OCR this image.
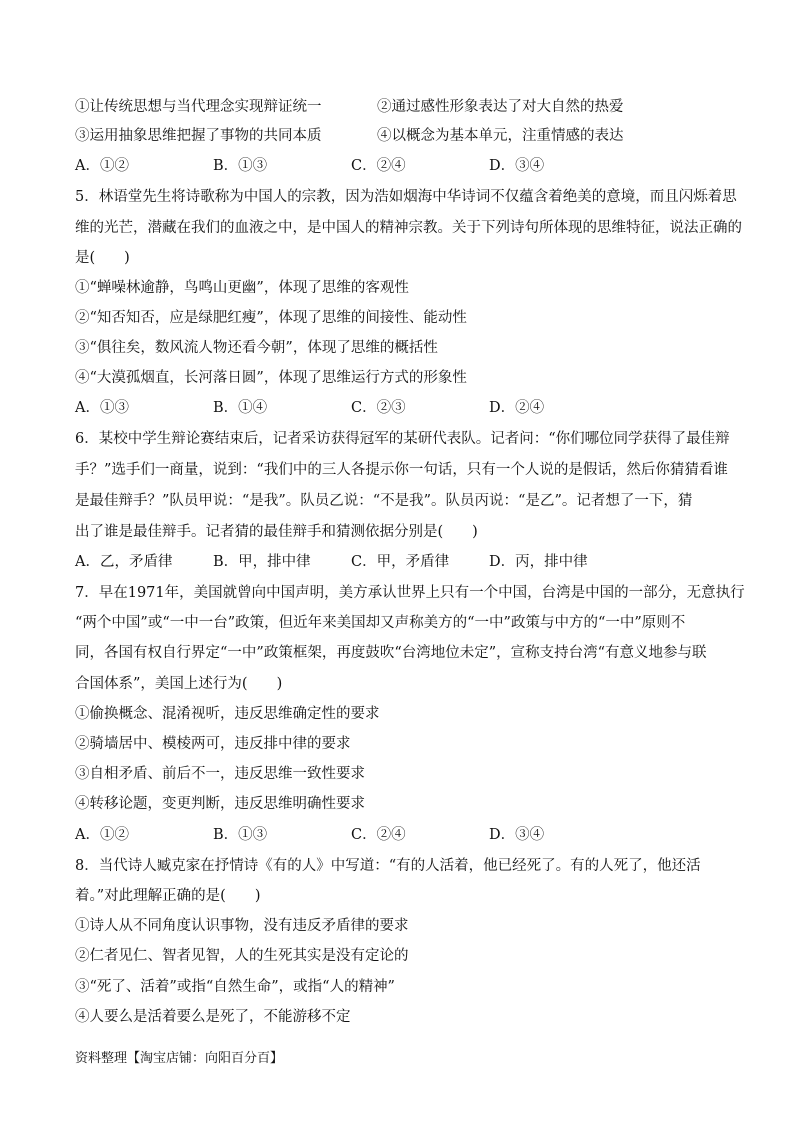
①让传统思想与当代理念实现辩证统一	②通过感性形象表达了对大自然的热爱
③运用抽象思维把握了事物的共同本质	④以概念为基本单元，注重情感的表达
A．①②	B．①③	C．②④	D．③④
5．林语堂先生将诗歌称为中国人的宗教，因为浩如烟海中华诗词不仅蕴含着绝美的意境，而且闪烁着思
维的光芒，潜藏在我们的血液之中，是中国人的精神宗教。关于下列诗句所体现的思维特征，说法正确的
是(　　)
①“蝉噪林逾静，鸟鸣山更幽”，体现了思维的客观性
②“知否知否，应是绿肥红瘦”，体现了思维的间接性、能动性
③“俱往矣，数风流人物还看今朝”，体现了思维的概括性
④“大漠孤烟直，长河落日圆”，体现了思维运行方式的形象性
A．①③	B．①④	C．②③	D．②④
6．某校中学生辩论赛结束后，记者采访获得冠军的某研代表队。记者问：“你们哪位同学获得了最佳辩
手？”选手们一商量，说到：“我们中的三人各提示你一句话，只有一个人说的是假话，然后你猜猜看谁
是最佳辩手？”队员甲说：“是我”。队员乙说：“不是我”。队员丙说：“是乙”。记者想了一下，猜
出了谁是最佳辩手。记者猜的最佳辩手和猜测依据分别是(　　)
A．乙，矛盾律	B．甲，排中律	C．甲，矛盾律	D．丙，排中律
7．早在1971年，美国就曾向中国声明，美方承认世界上只有一个中国，台湾是中国的一部分，无意执行
“两个中国”或“一中一台”政策，但近年来美国却又声称美方的“一中”政策与中方的“一中”原则不
同，各国有权自行界定“一中”政策框架，再度鼓吹“台湾地位未定”，宣称支持台湾“有意义地参与联
合国体系”，美国上述行为(　　)
①偷换概念、混淆视听，违反思维确定性的要求
②骑墙居中、模棱两可，违反排中律的要求
③自相矛盾、前后不一，违反思维一致性要求
④转移论题，变更判断，违反思维明确性要求
A．①②	B．①③	C．②④	D．③④
8．当代诗人臧克家在抒情诗《有的人》中写道：“有的人活着，他已经死了。有的人死了，他还活
着。”对此理解正确的是(　　)
①诗人从不同角度认识事物，没有违反矛盾律的要求
②仁者见仁、智者见智，人的生死其实是没有定论的
③“死了、活着”或指“自然生命”，或指“人的精神”
④人要么是活着要么是死了，不能游移不定
资料整理【淘宝店铺：向阳百分百】
